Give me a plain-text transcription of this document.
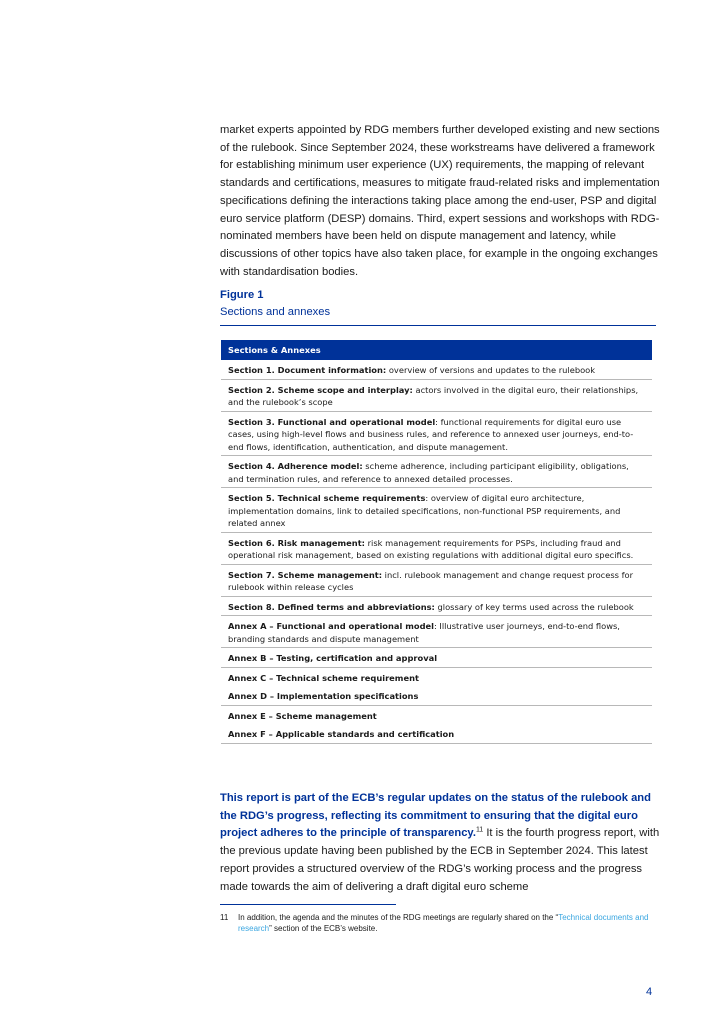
market experts appointed by RDG members further developed existing and new sections of the rulebook. Since September 2024, these workstreams have delivered a framework for establishing minimum user experience (UX) requirements, the mapping of relevant standards and certifications, measures to mitigate fraud-related risks and implementation specifications defining the interactions taking place among the end-user, PSP and digital euro service platform (DESP) domains. Third, expert sessions and workshops with RDG-nominated members have been held on dispute management and latency, while discussions of other topics have also taken place, for example in the ongoing exchanges with standardisation bodies.

Figure 1
Sections and annexes
Sections & Annexes
Section 1. Document information: overview of versions and updates to the rulebook
Section 2. Scheme scope and interplay: actors involved in the digital euro, their relationships, and the rulebook’s scope
Section 3. Functional and operational model: functional requirements for digital euro use cases, using high-level flows and business rules, and reference to annexed user journeys, end-to-end flows, identification, authentication, and dispute management.
Section 4. Adherence model: scheme adherence, including participant eligibility, obligations, and termination rules, and reference to annexed detailed processes.
Section 5. Technical scheme requirements: overview of digital euro architecture, implementation domains, link to detailed specifications, non-functional PSP requirements, and related annex
Section 6. Risk management: risk management requirements for PSPs, including fraud and operational risk management, based on existing regulations with additional digital euro specifics.
Section 7. Scheme management: incl. rulebook management and change request process for rulebook within release cycles
Section 8. Defined terms and abbreviations: glossary of key terms used across the rulebook
Annex A – Functional and operational model: Illustrative user journeys, end-to-end flows, branding standards and dispute management
Annex B – Testing, certification and approval
Annex C – Technical scheme requirement
Annex D – Implementation specifications
Annex E – Scheme management
Annex F – Applicable standards and certification

This report is part of the ECB’s regular updates on the status of the rulebook and the RDG’s progress, reflecting its commitment to ensuring that the digital euro project adheres to the principle of transparency.$^{11}$ It is the fourth progress report, with the previous update having been published by the ECB in September 2024. This latest report provides a structured overview of the RDG’s working process and the progress made towards the aim of delivering a draft digital euro scheme

11 In addition, the agenda and the minutes of the RDG meetings are regularly shared on the “Technical documents and research” section of the ECB’s website.
4
